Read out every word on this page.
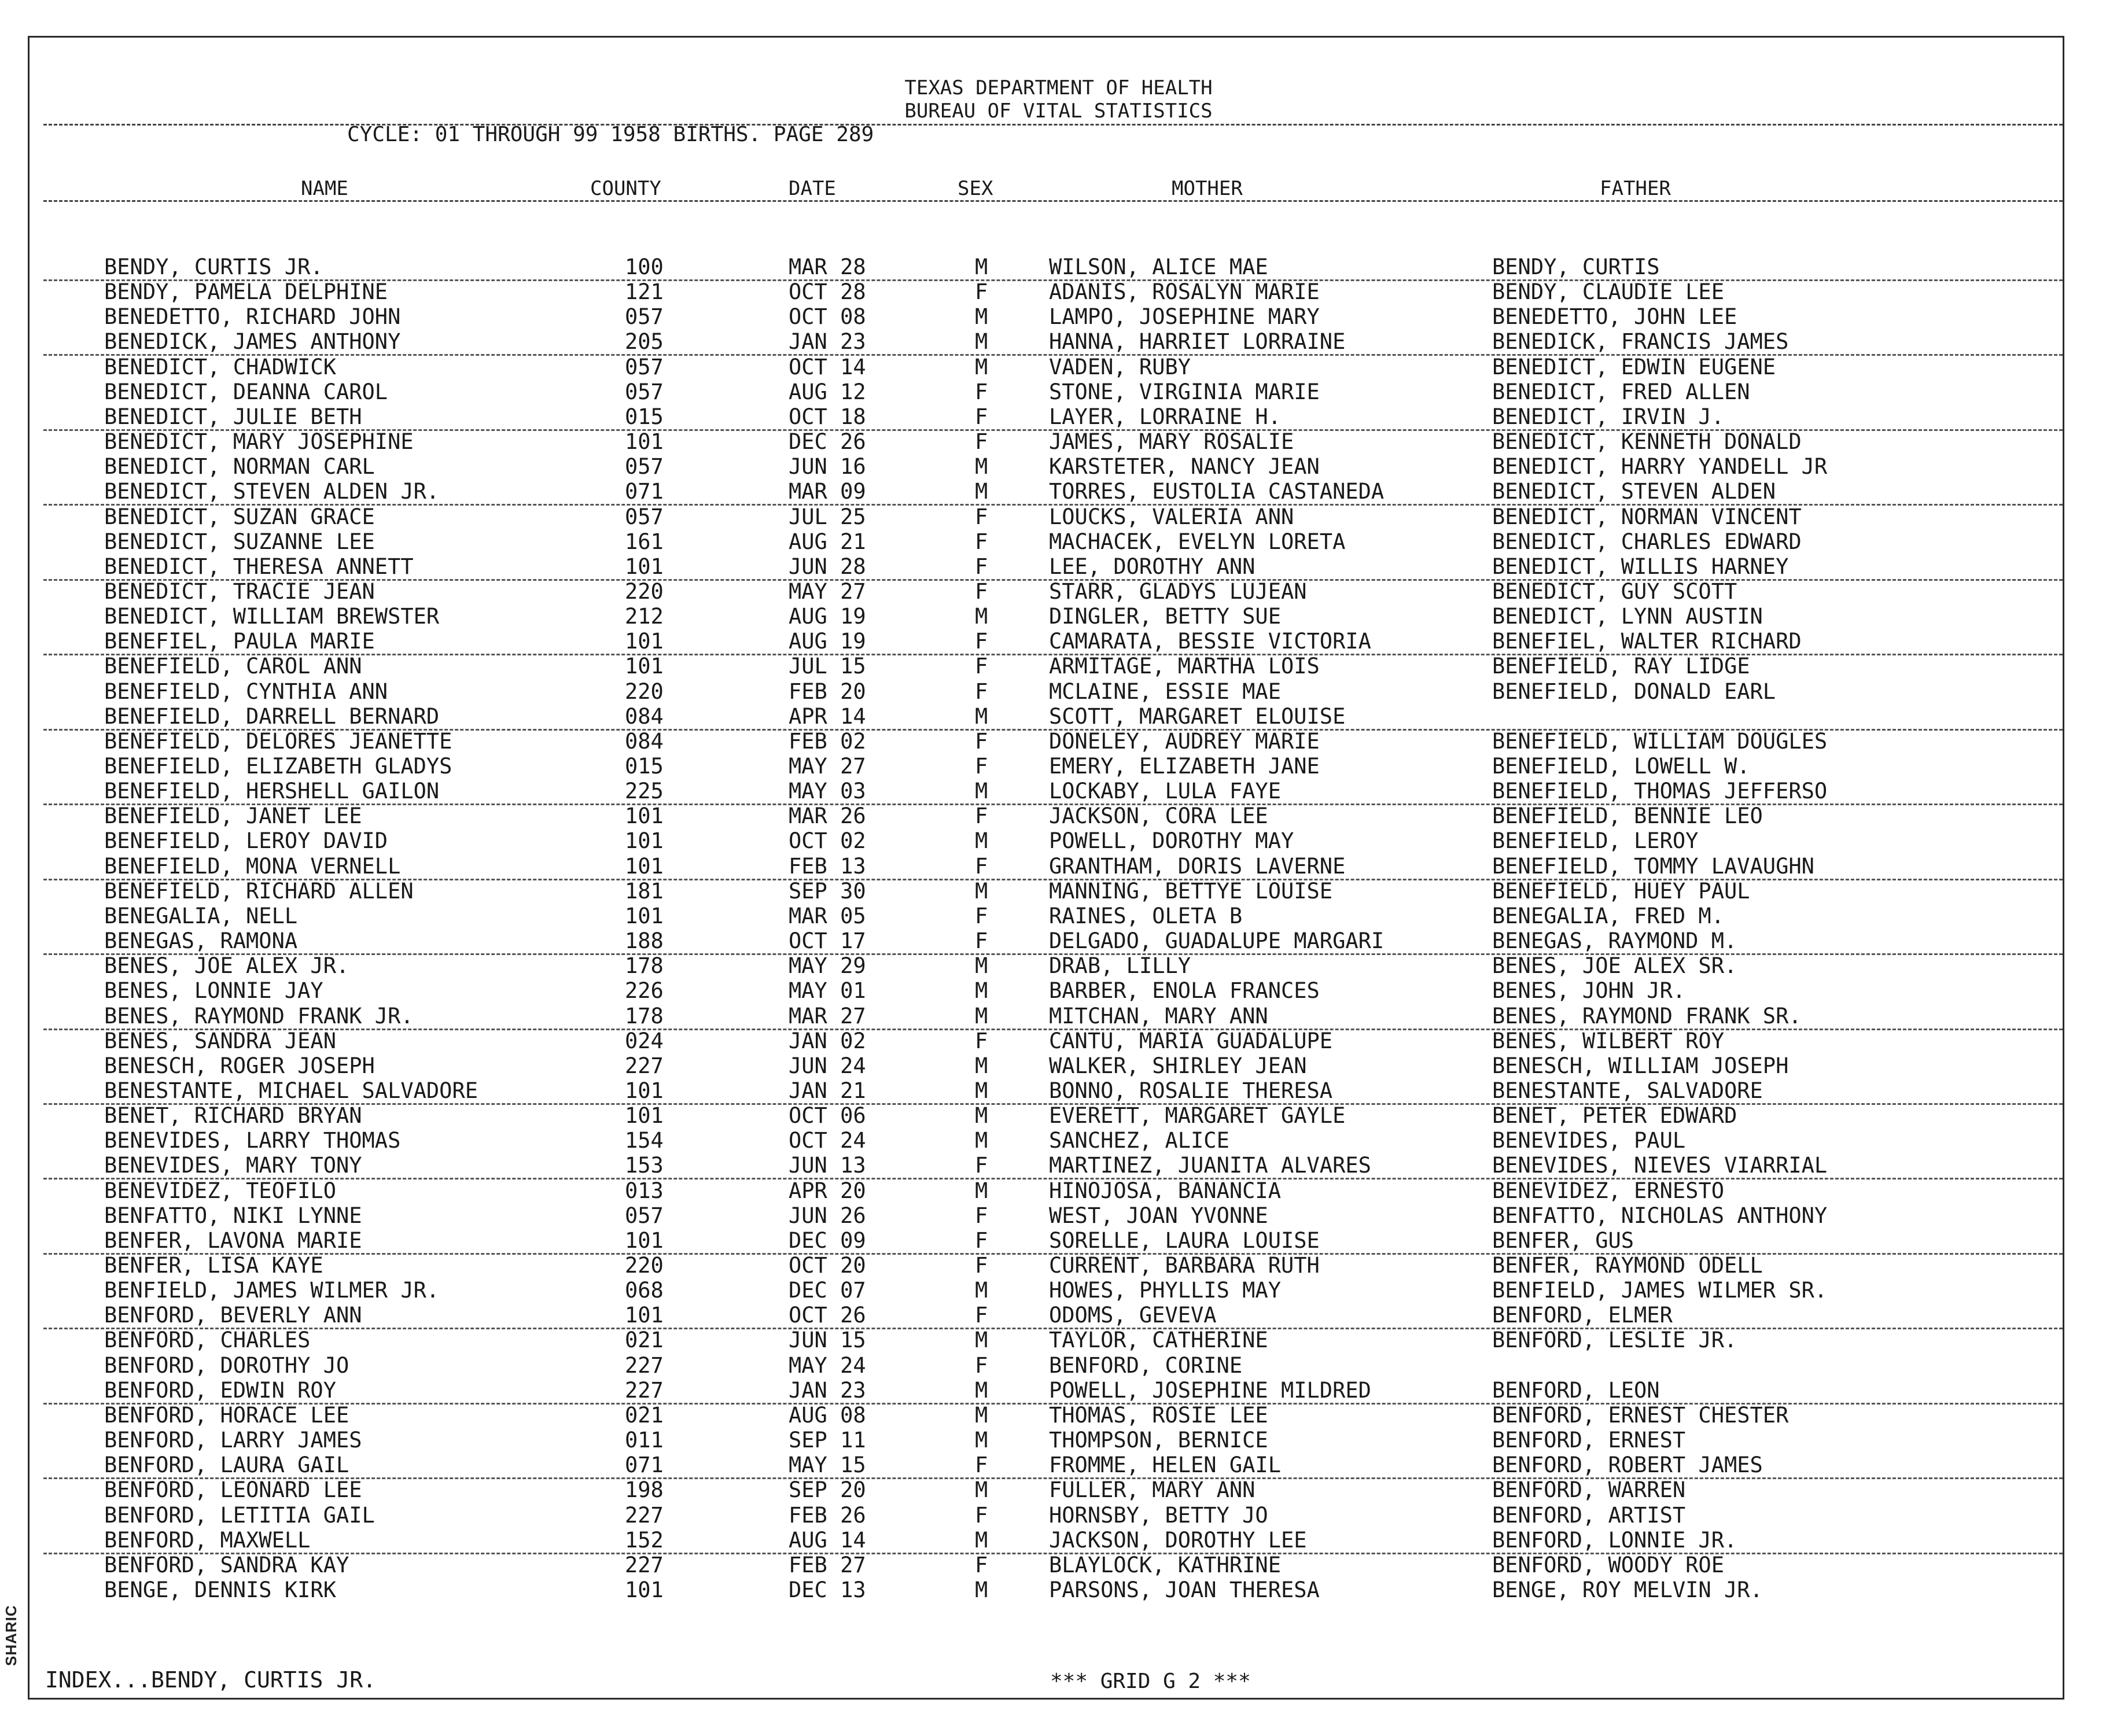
SHARIC
TEXAS DEPARTMENT OF HEALTH
BUREAU OF VITAL STATISTICS
CYCLE: 01 THROUGH 99 1958 BIRTHS. PAGE 289
NAME	COUNTY	DATE	SEX	MOTHER	FATHER
BENDY, CURTIS JR.	100	MAR 28	M	WILSON, ALICE MAE	BENDY, CURTIS
BENDY, PAMELA DELPHINE	121	OCT 28	F	ADANIS, ROSALYN MARIE	BENDY, CLAUDIE LEE
BENEDETTO, RICHARD JOHN	057	OCT 08	M	LAMPO, JOSEPHINE MARY	BENEDETTO, JOHN LEE
BENEDICK, JAMES ANTHONY	205	JAN 23	M	HANNA, HARRIET LORRAINE	BENEDICK, FRANCIS JAMES
BENEDICT, CHADWICK	057	OCT 14	M	VADEN, RUBY	BENEDICT, EDWIN EUGENE
BENEDICT, DEANNA CAROL	057	AUG 12	F	STONE, VIRGINIA MARIE	BENEDICT, FRED ALLEN
BENEDICT, JULIE BETH	015	OCT 18	F	LAYER, LORRAINE H.	BENEDICT, IRVIN J.
BENEDICT, MARY JOSEPHINE	101	DEC 26	F	JAMES, MARY ROSALIE	BENEDICT, KENNETH DONALD
BENEDICT, NORMAN CARL	057	JUN 16	M	KARSTETER, NANCY JEAN	BENEDICT, HARRY YANDELL JR
BENEDICT, STEVEN ALDEN JR.	071	MAR 09	M	TORRES, EUSTOLIA CASTANEDA	BENEDICT, STEVEN ALDEN
BENEDICT, SUZAN GRACE	057	JUL 25	F	LOUCKS, VALERIA ANN	BENEDICT, NORMAN VINCENT
BENEDICT, SUZANNE LEE	161	AUG 21	F	MACHACEK, EVELYN LORETA	BENEDICT, CHARLES EDWARD
BENEDICT, THERESA ANNETT	101	JUN 28	F	LEE, DOROTHY ANN	BENEDICT, WILLIS HARNEY
BENEDICT, TRACIE JEAN	220	MAY 27	F	STARR, GLADYS LUJEAN	BENEDICT, GUY SCOTT
BENEDICT, WILLIAM BREWSTER	212	AUG 19	M	DINGLER, BETTY SUE	BENEDICT, LYNN AUSTIN
BENEFIEL, PAULA MARIE	101	AUG 19	F	CAMARATA, BESSIE VICTORIA	BENEFIEL, WALTER RICHARD
BENEFIELD, CAROL ANN	101	JUL 15	F	ARMITAGE, MARTHA LOIS	BENEFIELD, RAY LIDGE
BENEFIELD, CYNTHIA ANN	220	FEB 20	F	MCLAINE, ESSIE MAE	BENEFIELD, DONALD EARL
BENEFIELD, DARRELL BERNARD	084	APR 14	M	SCOTT, MARGARET ELOUISE
BENEFIELD, DELORES JEANETTE	084	FEB 02	F	DONELEY, AUDREY MARIE	BENEFIELD, WILLIAM DOUGLES
BENEFIELD, ELIZABETH GLADYS	015	MAY 27	F	EMERY, ELIZABETH JANE	BENEFIELD, LOWELL W.
BENEFIELD, HERSHELL GAILON	225	MAY 03	M	LOCKABY, LULA FAYE	BENEFIELD, THOMAS JEFFERSO
BENEFIELD, JANET LEE	101	MAR 26	F	JACKSON, CORA LEE	BENEFIELD, BENNIE LEO
BENEFIELD, LEROY DAVID	101	OCT 02	M	POWELL, DOROTHY MAY	BENEFIELD, LEROY
BENEFIELD, MONA VERNELL	101	FEB 13	F	GRANTHAM, DORIS LAVERNE	BENEFIELD, TOMMY LAVAUGHN
BENEFIELD, RICHARD ALLEN	181	SEP 30	M	MANNING, BETTYE LOUISE	BENEFIELD, HUEY PAUL
BENEGALIA, NELL	101	MAR 05	F	RAINES, OLETA B	BENEGALIA, FRED M.
BENEGAS, RAMONA	188	OCT 17	F	DELGADO, GUADALUPE MARGARI	BENEGAS, RAYMOND M.
BENES, JOE ALEX JR.	178	MAY 29	M	DRAB, LILLY	BENES, JOE ALEX SR.
BENES, LONNIE JAY	226	MAY 01	M	BARBER, ENOLA FRANCES	BENES, JOHN JR.
BENES, RAYMOND FRANK JR.	178	MAR 27	M	MITCHAN, MARY ANN	BENES, RAYMOND FRANK SR.
BENES, SANDRA JEAN	024	JAN 02	F	CANTU, MARIA GUADALUPE	BENES, WILBERT ROY
BENESCH, ROGER JOSEPH	227	JUN 24	M	WALKER, SHIRLEY JEAN	BENESCH, WILLIAM JOSEPH
BENESTANTE, MICHAEL SALVADORE	101	JAN 21	M	BONNO, ROSALIE THERESA	BENESTANTE, SALVADORE
BENET, RICHARD BRYAN	101	OCT 06	M	EVERETT, MARGARET GAYLE	BENET, PETER EDWARD
BENEVIDES, LARRY THOMAS	154	OCT 24	M	SANCHEZ, ALICE	BENEVIDES, PAUL
BENEVIDES, MARY TONY	153	JUN 13	F	MARTINEZ, JUANITA ALVARES	BENEVIDES, NIEVES VIARRIAL
BENEVIDEZ, TEOFILO	013	APR 20	M	HINOJOSA, BANANCIA	BENEVIDEZ, ERNESTO
BENFATTO, NIKI LYNNE	057	JUN 26	F	WEST, JOAN YVONNE	BENFATTO, NICHOLAS ANTHONY
BENFER, LAVONA MARIE	101	DEC 09	F	SORELLE, LAURA LOUISE	BENFER, GUS
BENFER, LISA KAYE	220	OCT 20	F	CURRENT, BARBARA RUTH	BENFER, RAYMOND ODELL
BENFIELD, JAMES WILMER JR.	068	DEC 07	M	HOWES, PHYLLIS MAY	BENFIELD, JAMES WILMER SR.
BENFORD, BEVERLY ANN	101	OCT 26	F	ODOMS, GEVEVA	BENFORD, ELMER
BENFORD, CHARLES	021	JUN 15	M	TAYLOR, CATHERINE	BENFORD, LESLIE JR.
BENFORD, DOROTHY JO	227	MAY 24	F	BENFORD, CORINE
BENFORD, EDWIN ROY	227	JAN 23	M	POWELL, JOSEPHINE MILDRED	BENFORD, LEON
BENFORD, HORACE LEE	021	AUG 08	M	THOMAS, ROSIE LEE	BENFORD, ERNEST CHESTER
BENFORD, LARRY JAMES	011	SEP 11	M	THOMPSON, BERNICE	BENFORD, ERNEST
BENFORD, LAURA GAIL	071	MAY 15	F	FROMME, HELEN GAIL	BENFORD, ROBERT JAMES
BENFORD, LEONARD LEE	198	SEP 20	M	FULLER, MARY ANN	BENFORD, WARREN
BENFORD, LETITIA GAIL	227	FEB 26	F	HORNSBY, BETTY JO	BENFORD, ARTIST
BENFORD, MAXWELL	152	AUG 14	M	JACKSON, DOROTHY LEE	BENFORD, LONNIE JR.
BENFORD, SANDRA KAY	227	FEB 27	F	BLAYLOCK, KATHRINE	BENFORD, WOODY ROE
BENGE, DENNIS KIRK	101	DEC 13	M	PARSONS, JOAN THERESA	BENGE, ROY MELVIN JR.
INDEX...BENDY, CURTIS JR.	*** GRID G 2 ***
